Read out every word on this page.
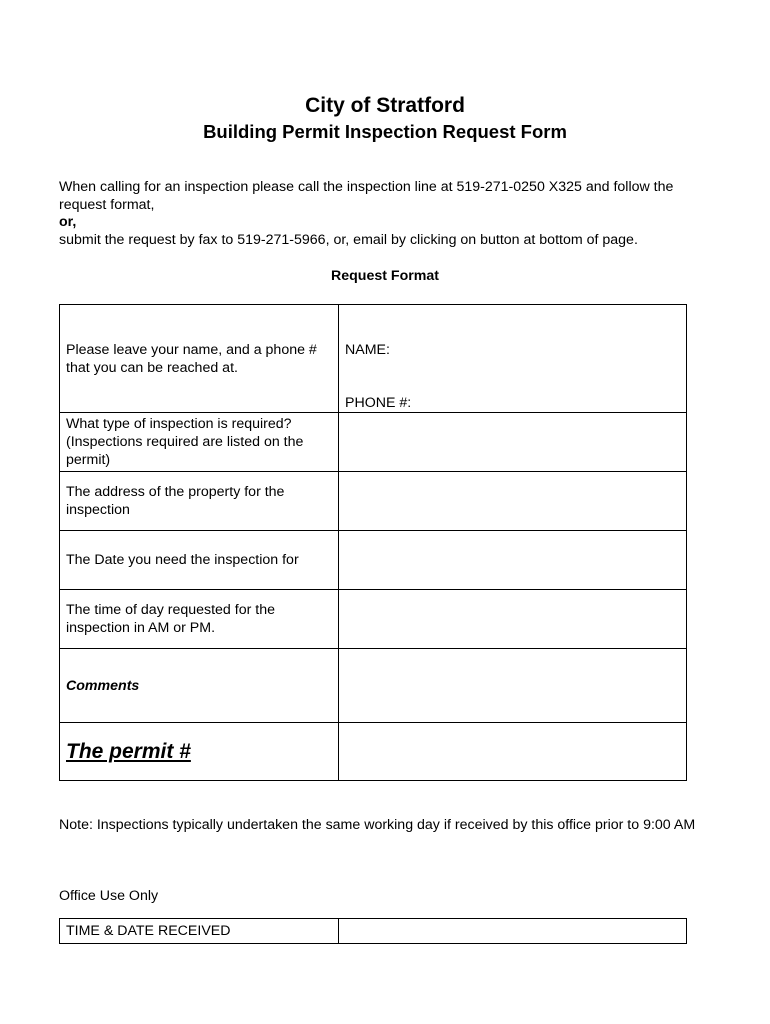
City of Stratford
Building Permit Inspection Request Form
When calling for an inspection please call the inspection line at 519-271-0250 X325 and follow the request format,
or,
submit the request by fax to 519-271-5966, or, email by clicking on button at bottom of page.
Request Format
Please leave your name, and a phone # that you can be reached at.	NAME:
PHONE #:

What type of inspection is required? (Inspections required are listed on the permit)	

The address of the property for the inspection	

The Date you need the inspection for	

The time of day requested for the inspection in AM or PM.	

Comments	

The permit #	

Note: Inspections typically undertaken the same working day if received by this office prior to 9:00 AM
Office Use Only
TIME & DATE RECEIVED	
